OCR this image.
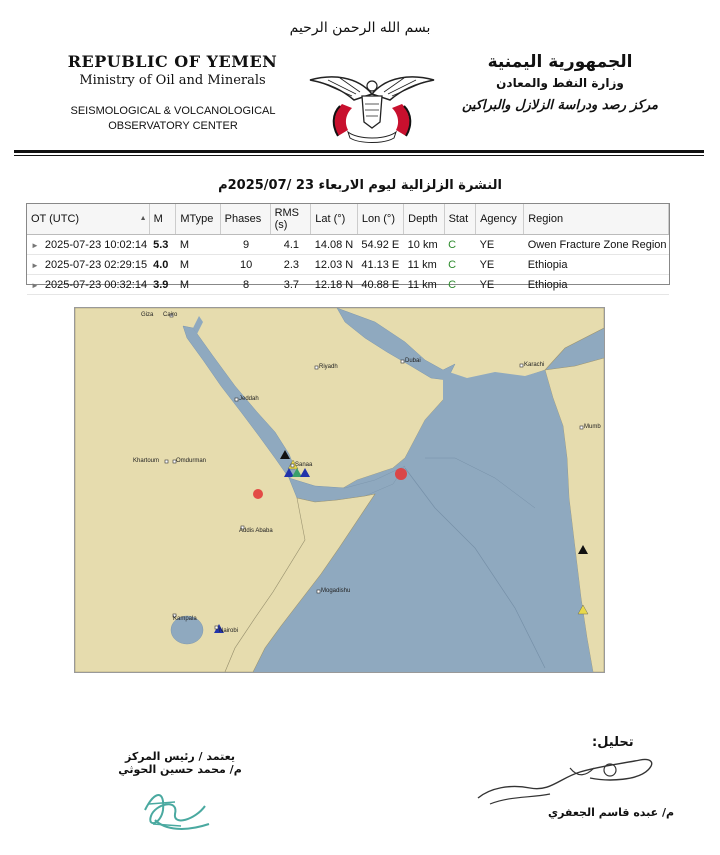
بسم الله الرحمن الرحيم
REPUBLIC OF YEMEN
Ministry of Oil and Minerals
SEISMOLOGICAL & VOLCANOLOGICAL
OBSERVATORY CENTER
الجمهورية اليمنية
وزارة النفط والمعادن
مركز رصد ودراسة الزلازل والبراكين
النشرة الزلزالية ليوم الاربعاء 23 /2025/07م
OT (UTC) ▲	M	MType	Phases	RMS (s)	Lat (°)	Lon (°)	Depth	Stat	Agency	Region
► 2025-07-23 10:02:14	5.3	M	9	4.1	14.08 N	54.92 E	10 km	C	YE	Owen Fracture Zone Region
► 2025-07-23 02:29:15	4.0	M	10	2.3	12.03 N	41.13 E	11 km	C	YE	Ethiopia
► 2025-07-23 00:32:14	3.9	M	8	3.7	12.18 N	40.88 E	11 km	C	YE	Ethiopia
Giza Cairo
Riyadh
Dubai
Karachi
Mumb
Jeddah
Khartoum	Omdurman
Sanaa
Addis Ababa
Mogadishu
Kampala
Nairobi
يعتمد / رئيس المركز
م/ محمد حسين الحوثي
تحليل:
م/ عبده قاسم الجعفري
